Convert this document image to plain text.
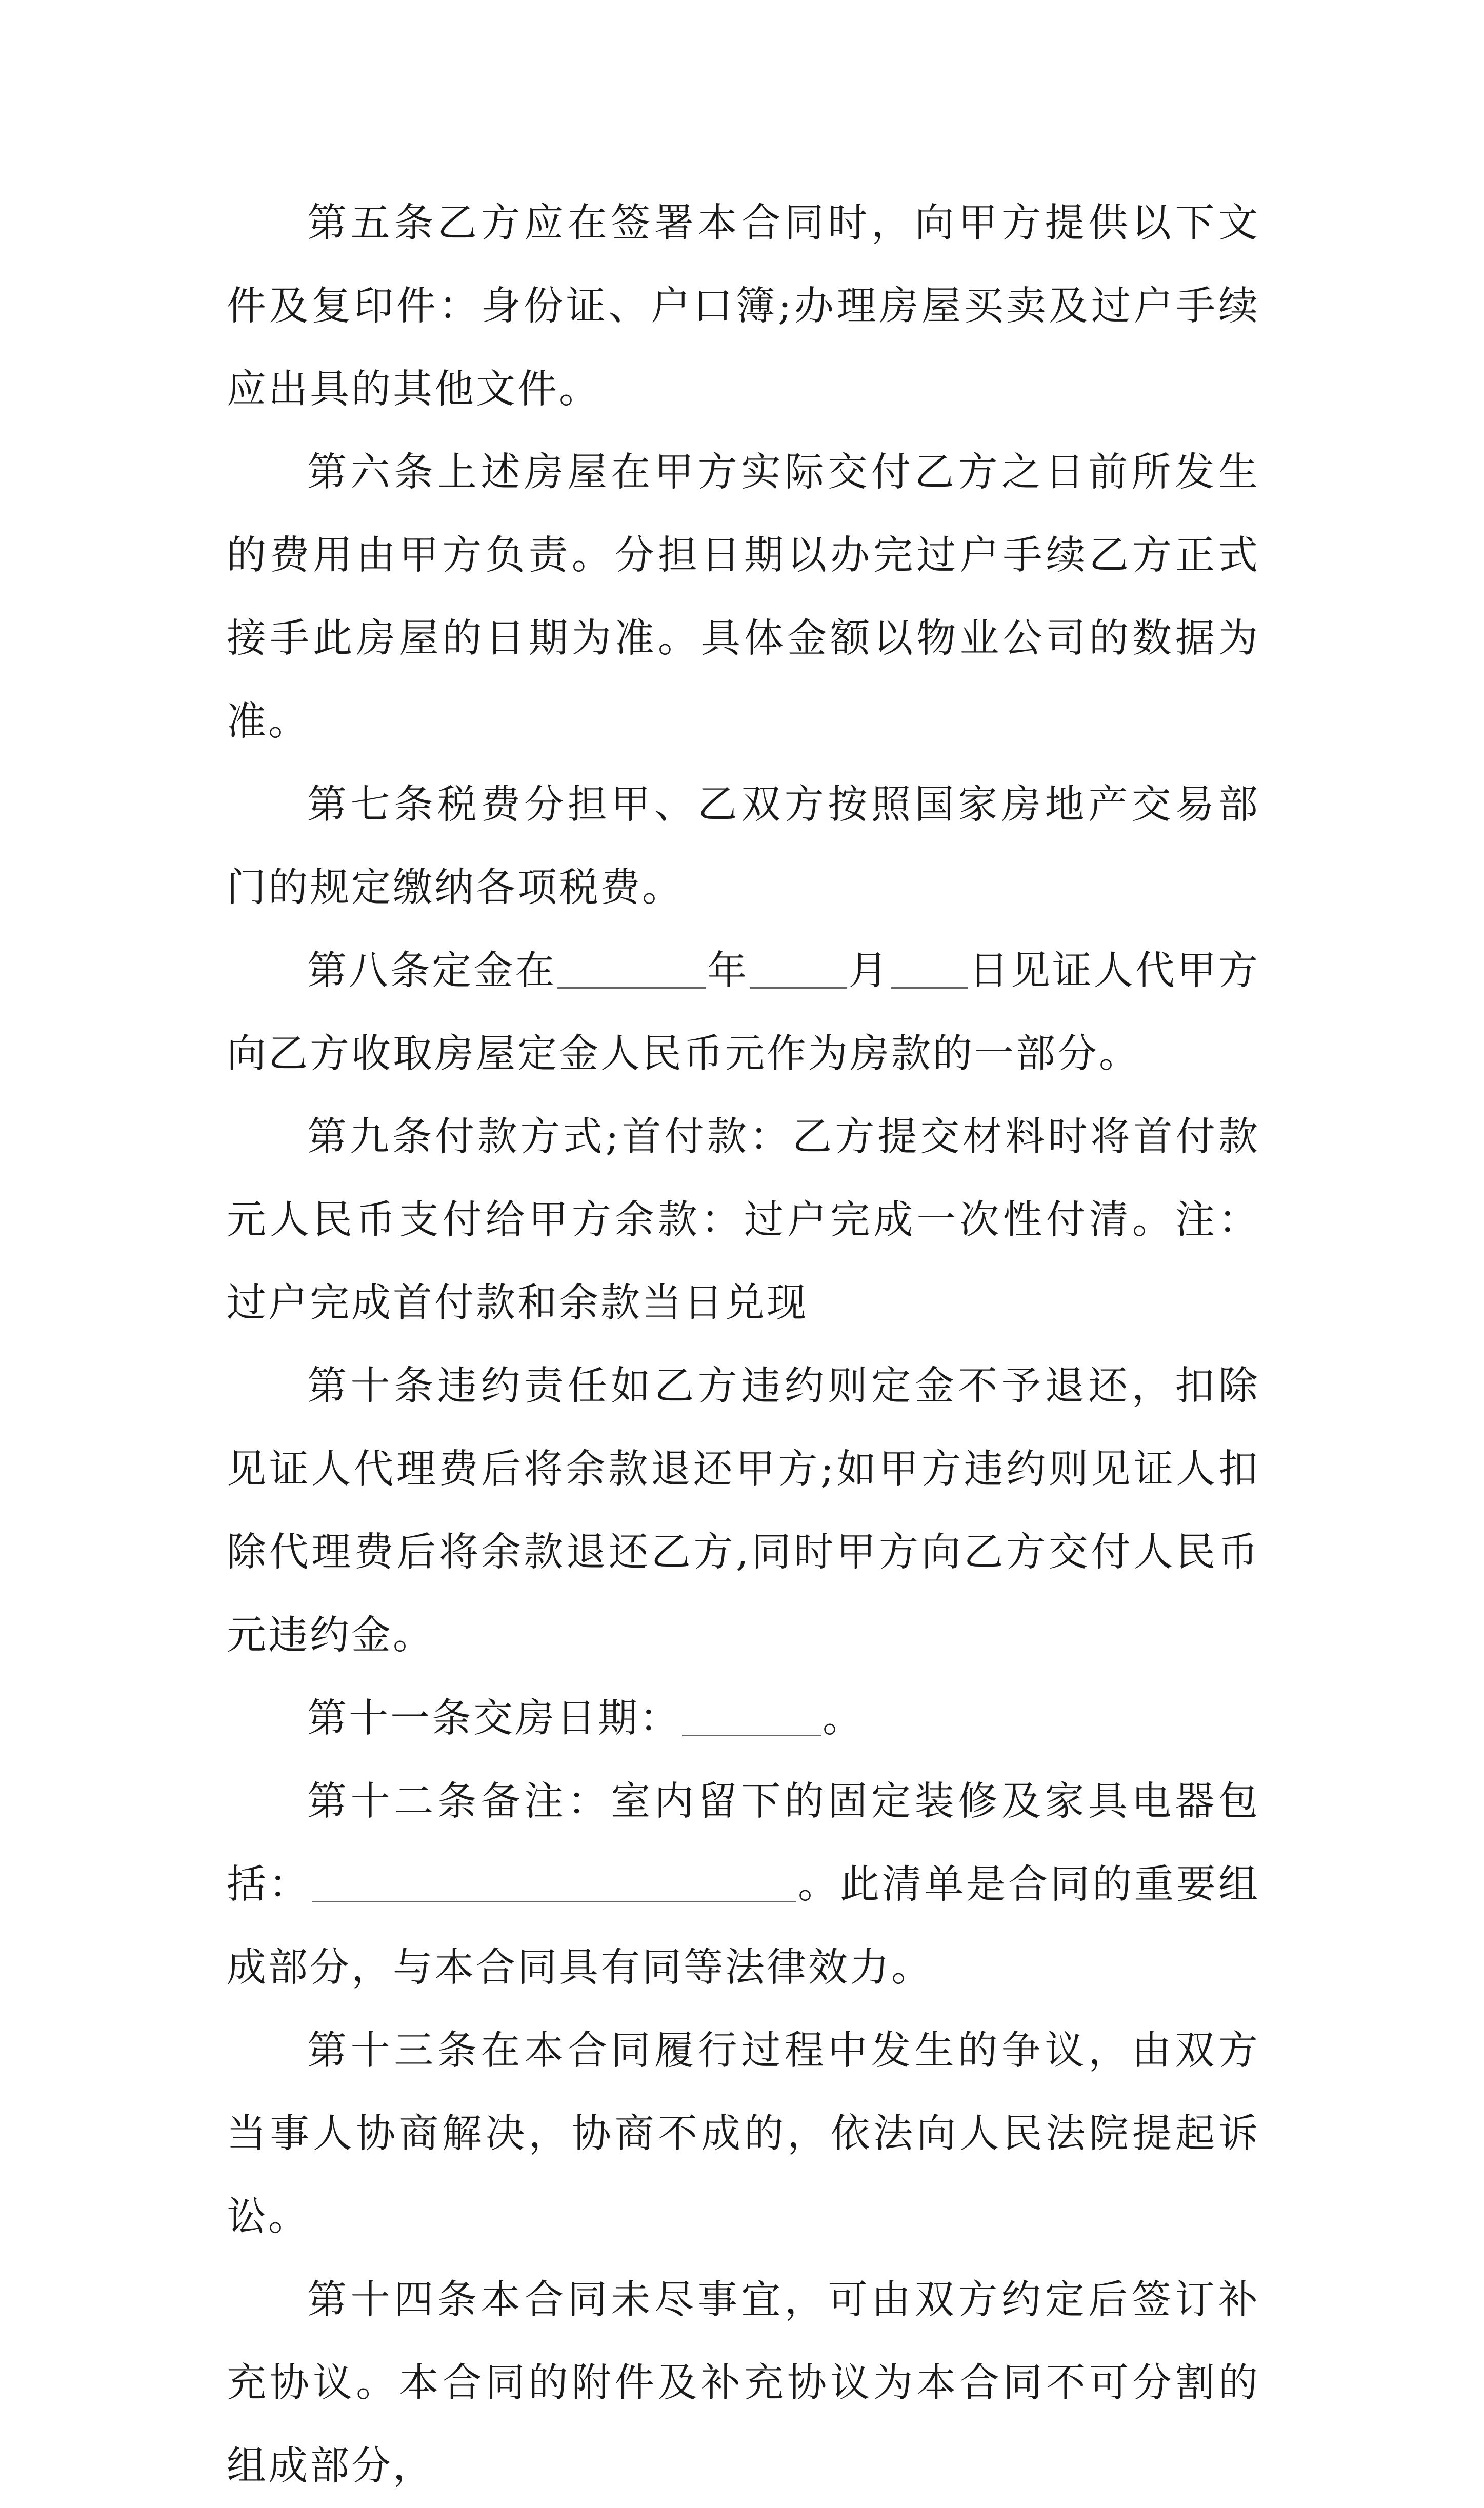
第五条乙方应在签署本合同时，向甲方提供以下文件及复印件：身份证、户口簿;办理房屋买卖及过户手续应出具的其他文件。

第六条上述房屋在甲方实际交付乙方之日前所发生的费用由甲方负责。分担日期以办完过户手续乙方正式接手此房屋的日期为准。具体金额以物业公司的数据为准。

第七条税费分担甲、乙双方按照国家房地产交易部门的规定缴纳各项税费。

第八条定金在	年	月 日见证人代甲方向乙方收取房屋定金人民币元作为房款的一部分。

第九条付款方式;首付款：乙方提交材料时将首付款元人民币支付给甲方余款：过户完成一次性付清。注：过户完成首付款和余款当日兑现

第十条违约责任如乙方违约则定金不予退还，扣除见证人代理费后将余款退还甲方;如甲方违约则见证人扣除代理费后将余款退还乙方,同时甲方向乙方交付人民币元违约金。

第十一条交房日期：	。

第十二条备注：室内留下的固定装修及家具电器包括：	。此清单是合同的重要组成部分，与本合同具有同等法律效力。

第十三条在本合同履行过程中发生的争议，由双方当事人协商解决，协商不成的，依法向人民法院提起诉讼。

第十四条本合同未尽事宜，可由双方约定后签订补充协议。本合同的附件及补充协议为本合同不可分割的组成部分，
